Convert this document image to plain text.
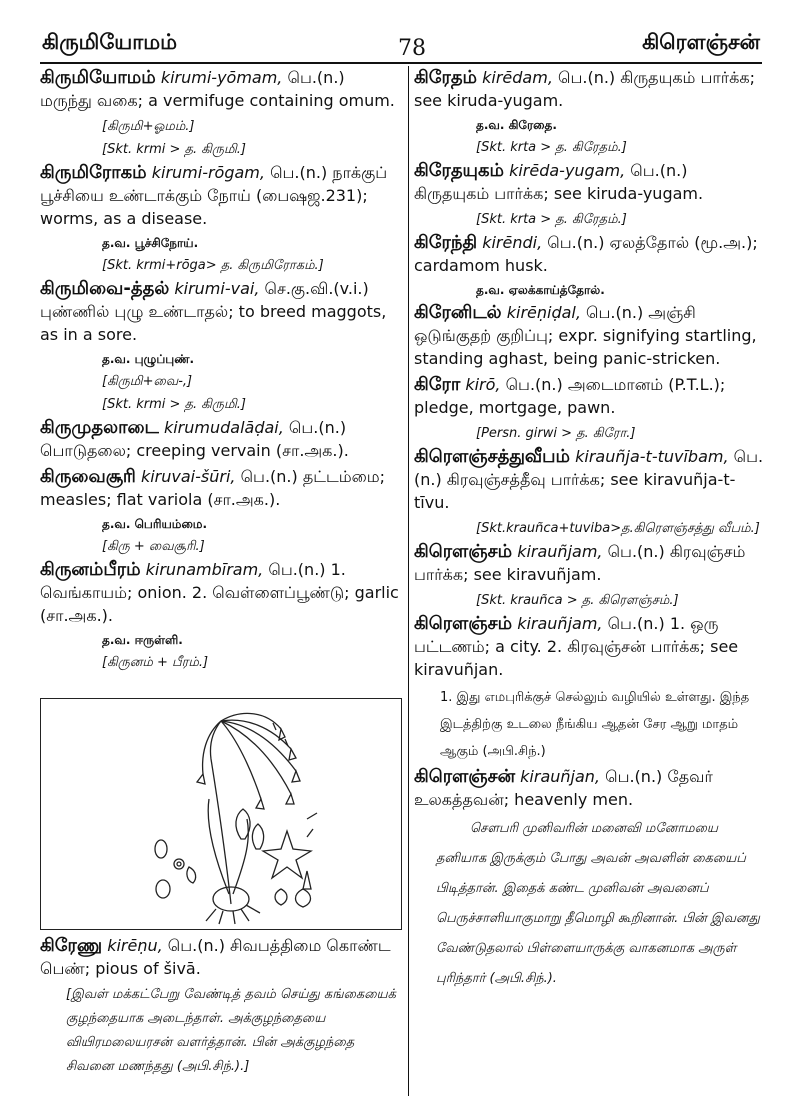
கிருமியோமம்	78	கிரௌஞ்சன்
கிருமியோமம் kirumi-yōmam, பெ.(n.) மருந்து வகை; a vermifuge containing omum.
[கிருமி+ஓமம்.]
[Skt. krmi > த. கிருமி.]
கிருமிரோகம் kirumi-rōgam, பெ.(n.) நாக்குப் பூச்சியை உண்டாக்கும் நோய் (பைஷஜ.231); worms, as a disease.
த.வ. பூச்சிநோய்.
[Skt. krmi+rōga> த. கிருமிரோகம்.]
கிருமிவை-த்தல் kirumi-vai, செ.கு.வி.(v.i.) புண்ணில் புழு உண்டாதல்; to breed maggots, as in a sore.
த.வ. புழுப்புண்.
[கிருமி+வை-,]
[Skt. krmi > த. கிருமி.]
கிருமுதலாடை kirumudalāḍai, பெ.(n.) பொடுதலை; creeping vervain (சா.அக.).
கிருவைசூரி kiruvai-šūri, பெ.(n.) தட்டம்மை; measles; flat variola (சா.அக.).
த.வ. பெரியம்மை.
[கிரு + வைசூரி.]
கிருனம்பீரம் kirunambīram, பெ.(n.) 1. வெங்காயம்; onion. 2. வெள்ளைப்பூண்டு; garlic (சா.அக.).
த.வ. ஈருள்ளி.
[கிருனம் + பீரம்.]
கிரேணு kirēṇu, பெ.(n.) சிவபத்திமை கொண்ட பெண்; pious of šivā.
[இவள் மக்கட்பேறு வேண்டித் தவம் செய்து கங்கையைக் குழந்தையாக அடைந்தாள். அக்குழந்தையை வியிரமலையரசன் வளர்த்தான். பின் அக்குழந்தை சிவனை மணந்தது (அபி.சிந்.).]
கிரேதம் kirēdam, பெ.(n.) கிருதயுகம் பார்க்க; see kiruda-yugam.
த.வ. கிரேதை.
[Skt. krta > த. கிரேதம்.]
கிரேதயுகம் kirēda-yugam, பெ.(n.) கிருதயுகம் பார்க்க; see kiruda-yugam.
[Skt. krta > த. கிரேதம்.]
கிரேந்தி kirēndi, பெ.(n.) ஏலத்தோல் (மூ.அ.); cardamom husk.
த.வ. ஏலக்காய்த்தோல்.
கிரேனிடல் kirēṇiḍal, பெ.(n.) அஞ்சி ஒடுங்குதற் குறிப்பு; expr. signifying startling, standing aghast, being panic-stricken.
கிரோ kirō, பெ.(n.) அடைமானம் (P.T.L.); pledge, mortgage, pawn.
[Persn. girwi > த. கிரோ.]
கிரௌஞ்சத்துவீபம் kirauñja-t-tuvībam, பெ.(n.) கிரவுஞ்சத்தீவு பார்க்க; see kiravuñja-t-tīvu.
[Skt.krauñca+tuviba>த.கிரௌஞ்சத்து வீபம்.]
கிரௌஞ்சம் kirauñjam, பெ.(n.) கிரவுஞ்சம் பார்க்க; see kiravuñjam.
[Skt. krauñca > த. கிரௌஞ்சம்.]
கிரௌஞ்சம் kirauñjam, பெ.(n.) 1. ஒரு பட்டணம்; a city. 2. கிரவுஞ்சன் பார்க்க; see kiravuñjan.
1. இது எமபுரிக்குச் செல்லும் வழியில் உள்ளது. இந்த இடத்திற்கு உடலை நீங்கிய ஆதன் சேர ஆறு மாதம் ஆகும் (அபி.சிந்.)
கிரௌஞ்சன் kirauñjan, பெ.(n.) தேவர் உலகத்தவன்; heavenly men.
சௌபரி முனிவரின் மனைவி மனோமயை தனியாக இருக்கும் போது அவன் அவளின் கையைப் பிடித்தான். இதைக் கண்ட முனிவன் அவனைப் பெருச்சாளியாகுமாறு தீமொழி கூறினான். பின் இவனது வேண்டுதலால் பிள்ளையாருக்கு வாகனமாக அருள் புரிந்தார் (அபி.சிந்.).
